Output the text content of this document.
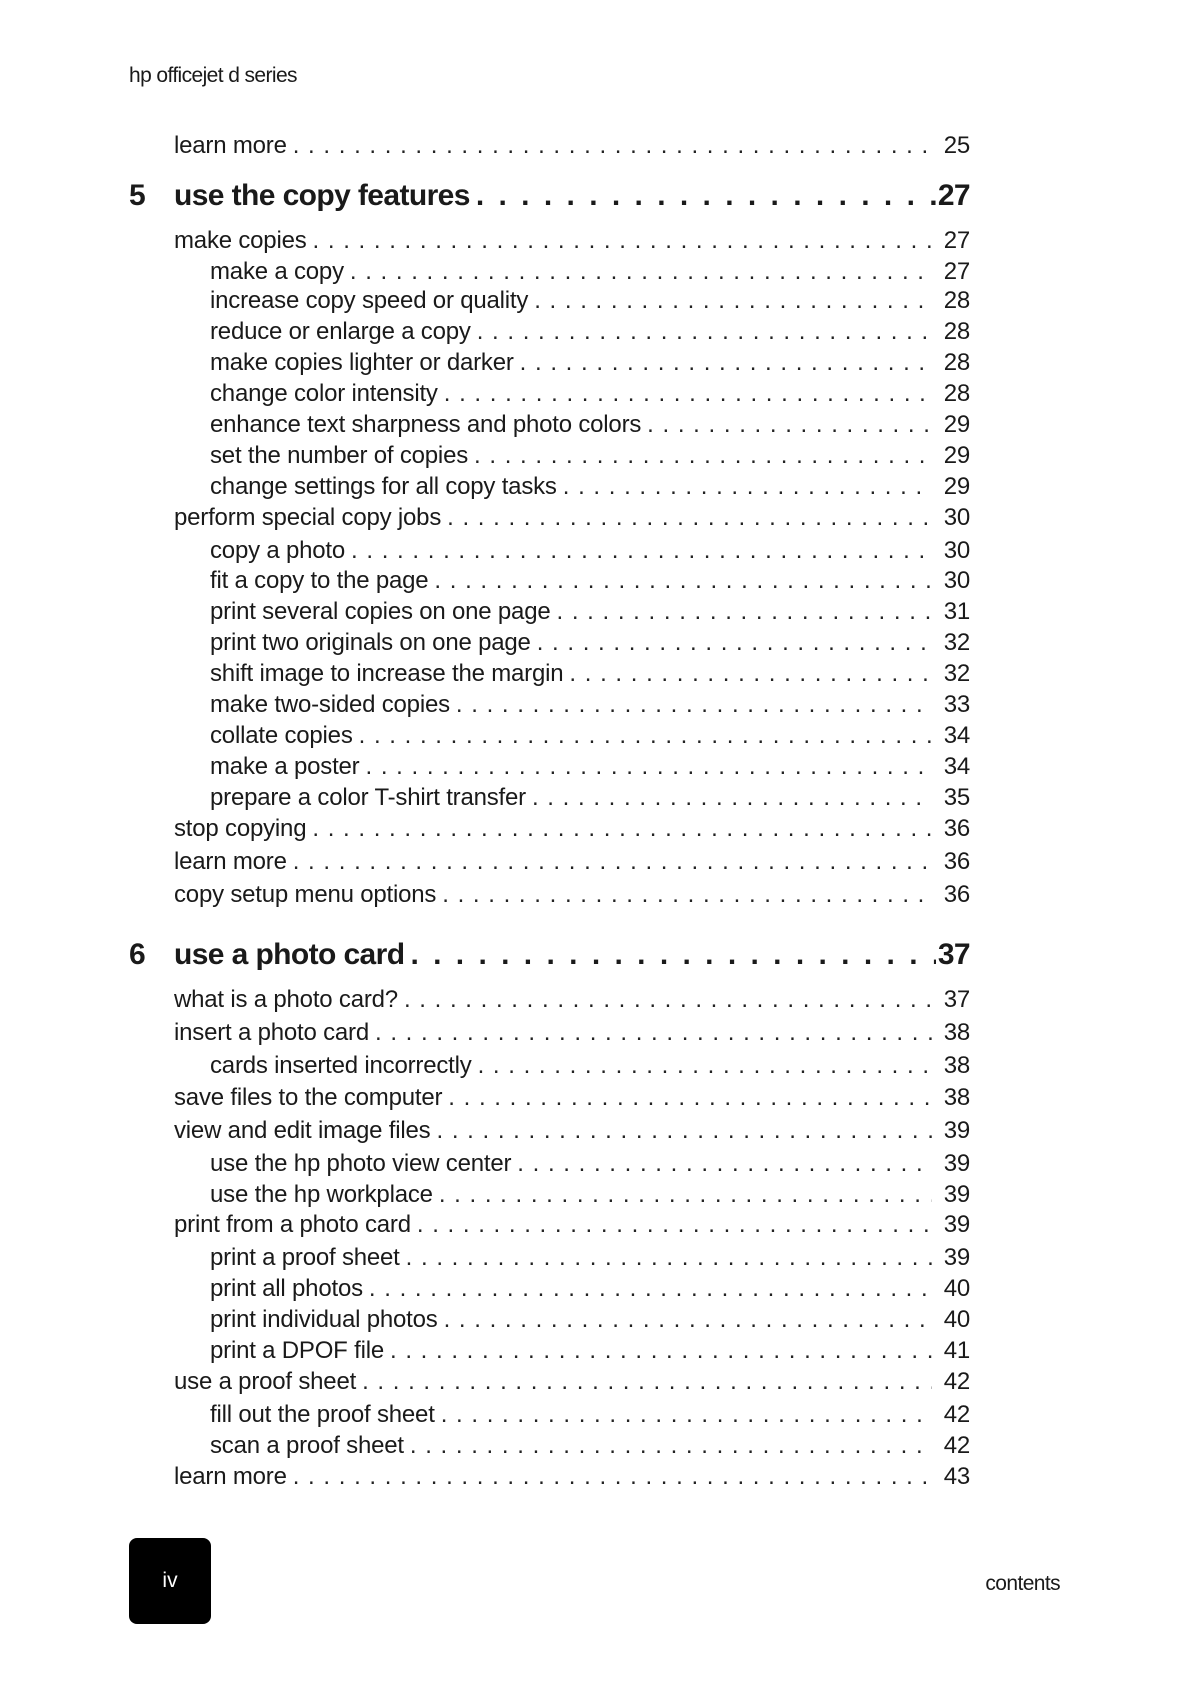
hp officejet d series
learn more . . .	25
5 use the copy features . . .	27
make copies . . .	27
make a copy . . .	27
increase copy speed or quality . . .	28
reduce or enlarge a copy . . .	28
make copies lighter or darker . . .	28
change color intensity . . .	28
enhance text sharpness and photo colors . . .	29
set the number of copies . . .	29
change settings for all copy tasks . . .	29
perform special copy jobs . . .	30
copy a photo . . .	30
fit a copy to the page . . .	30
print several copies on one page . . .	31
print two originals on one page . . .	32
shift image to increase the margin . . .	32
make two-sided copies . . .	33
collate copies . . .	34
make a poster . . .	34
prepare a color T-shirt transfer . . .	35
stop copying . . .	36
learn more . . .	36
copy setup menu options . . .	36
6 use a photo card . . .	37
what is a photo card? . . .	37
insert a photo card . . .	38
cards inserted incorrectly . . .	38
save files to the computer . . .	38
view and edit image files . . .	39
use the hp photo view center . . .	39
use the hp workplace . . .	39
print from a photo card . . .	39
print a proof sheet . . .	39
print all photos . . .	40
print individual photos . . .	40
print a DPOF file . . .	41
use a proof sheet . . .	42
fill out the proof sheet . . .	42
scan a proof sheet . . .	42
learn more . . .	43
iv	contents
